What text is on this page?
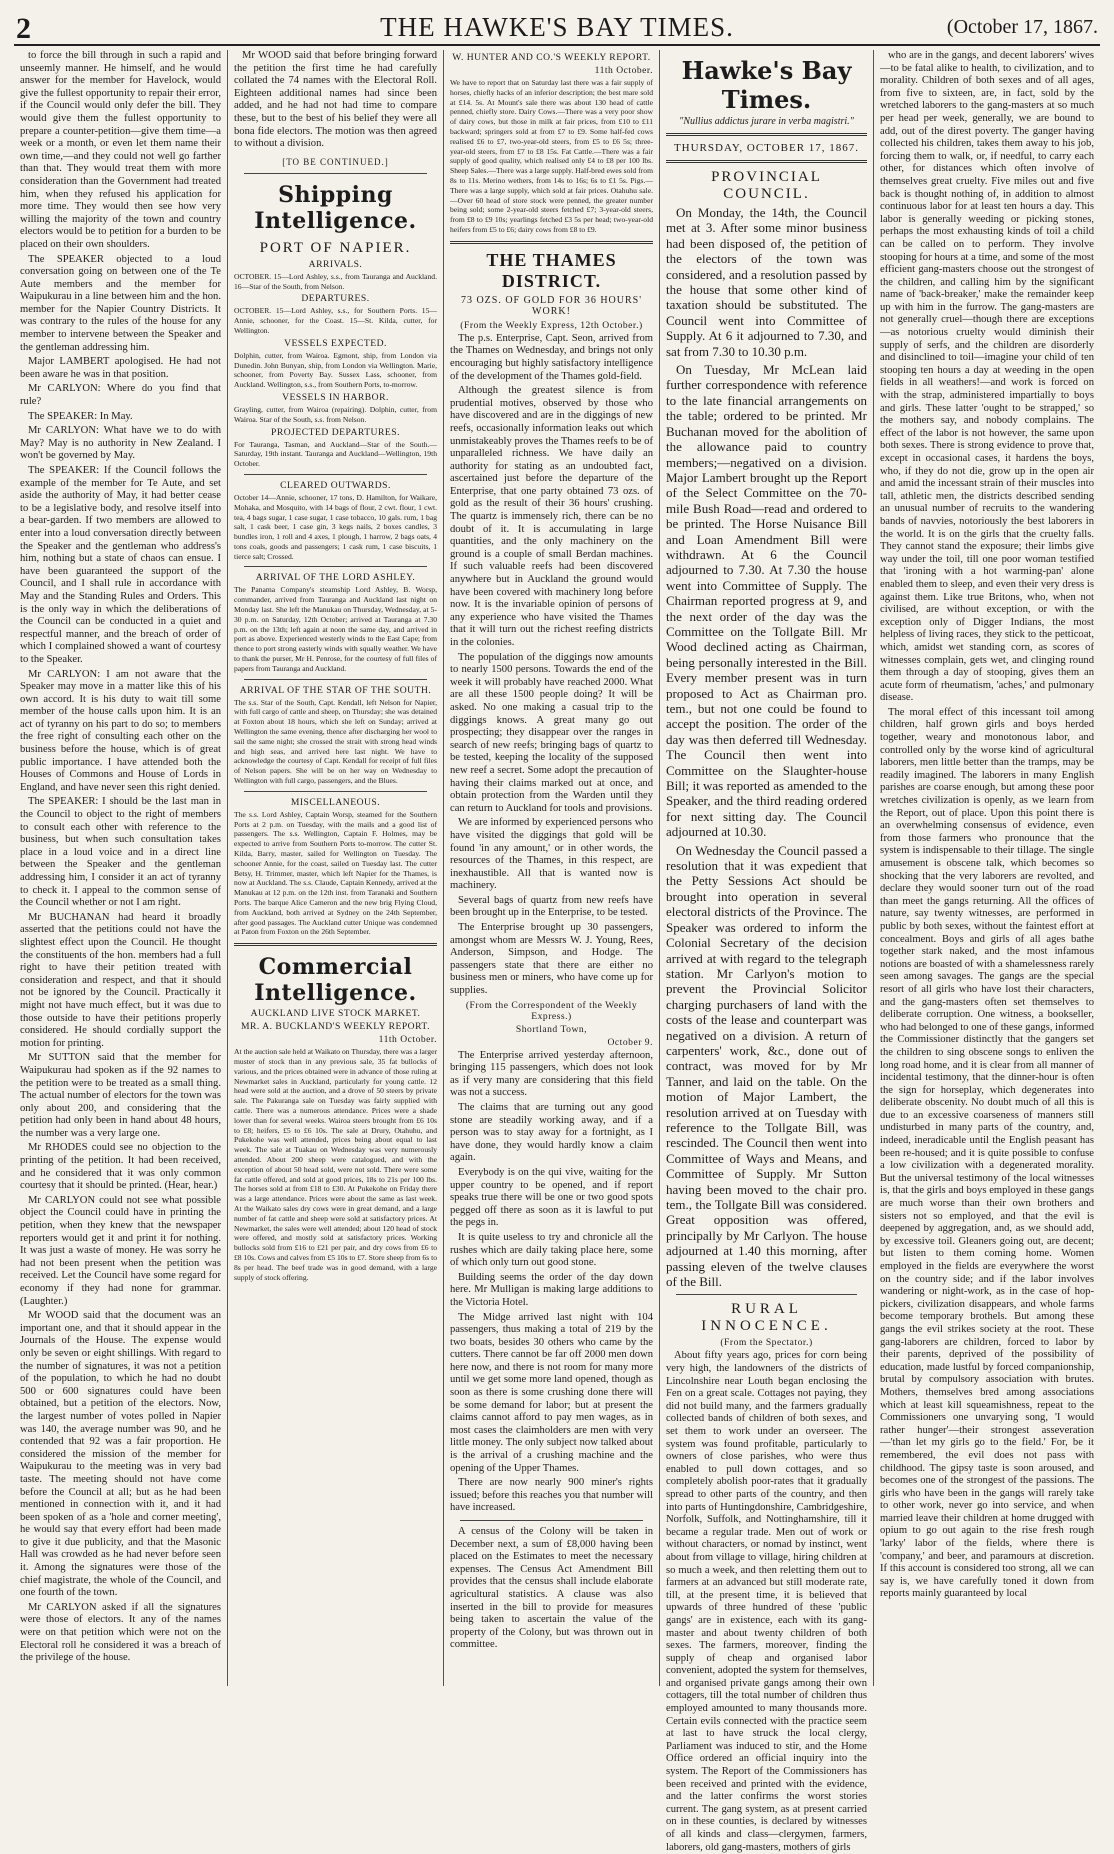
2	THE HAWKE'S BAY TIMES.	(October 17, 1867.

to force the bill through in such a rapid and unseemly manner. He himself, and he would answer for the member for Havelock, would give the fullest opportunity to repair their error, if the Council would only defer the bill. They would give them the fullest opportunity to prepare a counter-petition—give them time—a week or a month, or even let them name their own time,—and they could not well go farther than that. They would treat them with more consideration than the Government had treated him, when they refused his application for more time. They would then see how very willing the majority of the town and country electors would be to petition for a burden to be placed on their own shoulders.

The SPEAKER objected to a loud conversation going on between one of the Te Aute members and the member for Waipukurau in a line between him and the hon. member for the Napier Country Districts. It was contrary to the rules of the house for any member to intervene between the Speaker and the gentleman addressing him.

Major LAMBERT apologised. He had not been aware he was in that position.

Mr CARLYON: Where do you find that rule?

The SPEAKER: In May.

Mr CARLYON: What have we to do with May? May is no authority in New Zealand. I won't be governed by May.

The SPEAKER: If the Council follows the example of the member for Te Aute, and set aside the authority of May, it had better cease to be a legislative body, and resolve itself into a bear-garden. If two members are allowed to enter into a loud conversation directly between the Speaker and the gentleman who address's him, nothing but a state of chaos can ensue. I have been guaranteed the support of the Council, and I shall rule in accordance with May and the Standing Rules and Orders. This is the only way in which the deliberations of the Council can be conducted in a quiet and respectful manner, and the breach of order of which I complained showed a want of courtesy to the Speaker.

Mr CARLYON: I am not aware that the Speaker may move in a matter like this of his own accord. It is his duty to wait till some member of the house calls upon him. It is an act of tyranny on his part to do so; to members the free right of consulting each other on the business before the house, which is of great public importance. I have attended both the Houses of Commons and House of Lords in England, and have never seen this right denied.

The SPEAKER: I should be the last man in the Council to object to the right of members to consult each other with reference to the business, but when such consultation takes place in a loud voice and in a direct line between the Speaker and the gentleman addressing him, I consider it an act of tyranny to check it. I appeal to the common sense of the Council whether or not I am right.

Mr BUCHANAN had heard it broadly asserted that the petitions could not have the slightest effect upon the Council. He thought the constituents of the hon. members had a full right to have their petition treated with consideration and respect, and that it should not be ignored by the Council. Practically it might not have much effect, but it was due to those outside to have their petitions properly considered. He should cordially support the motion for printing.

Mr SUTTON said that the member for Waipukurau had spoken as if the 92 names to the petition were to be treated as a small thing. The actual number of electors for the town was only about 200, and considering that the petition had only been in hand about 48 hours, the number was a very large one.

Mr RHODES could see no objection to the printing of the petition. It had been received, and he considered that it was only common courtesy that it should be printed. (Hear, hear.)

Mr CARLYON could not see what possible object the Council could have in printing the petition, when they knew that the newspaper reporters would get it and print it for nothing. It was just a waste of money. He was sorry he had not been present when the petition was received. Let the Council have some regard for economy if they had none for grammar. (Laughter.)

Mr WOOD said that the document was an important one, and that it should appear in the Journals of the House. The expense would only be seven or eight shillings. With regard to the number of signatures, it was not a petition of the population, to which he had no doubt 500 or 600 signatures could have been obtained, but a petition of the electors. Now, the largest number of votes polled in Napier was 140, the average number was 90, and he contended that 92 was a fair proportion. He considered the mission of the member for Waipukurau to the meeting was in very bad taste. The meeting should not have come before the Council at all; but as he had been mentioned in connection with it, and it had been spoken of as a 'hole and corner meeting', he would say that every effort had been made to give it due publicity, and that the Masonic Hall was crowded as he had never before seen it. Among the signatures were those of the chief magistrate, the whole of the Council, and one fourth of the town.

Mr CARLYON asked if all the signatures were those of electors. It any of the names were on that petition which were not on the Electoral roll he considered it was a breach of the privilege of the house.

Mr WOOD said that before bringing forward the petition the first time he had carefully collated the 74 names with the Electoral Roll. Eighteen additional names had since been added, and he had not had time to compare these, but to the best of his belief they were all bona fide electors. The motion was then agreed to without a division.

[TO BE CONTINUED.]
Shipping Intelligence.
PORT OF NAPIER.
ARRIVALS.

OCTOBER. 15—Lord Ashley, s.s., from Tauranga and Auckland. 16—Star of the South, from Nelson.

DEPARTURES.

OCTOBER. 15—Lord Ashley, s.s., for Southern Ports. 15—Annie, schooner, for the Coast. 15—St. Kilda, cutter, for Wellington.

VESSELS EXPECTED.

Dolphin, cutter, from Wairoa. Egmont, ship, from London via Dunedin. John Bunyan, ship, from London via Wellington. Marie, schooner, from Poverty Bay. Sussex Lass, schooner, from Auckland. Wellington, s.s., from Southern Ports, to-morrow.

VESSELS IN HARBOR.

Grayling, cutter, from Wairoa (repairing). Dolphin, cutter, from Wairoa. Star of the South, s.s. from Nelson.

PROJECTED DEPARTURES.

For Tauranga, Tasman, and Auckland—Star of the South.—Saturday, 19th instant. Tauranga and Auckland—Wellington, 19th October.

CLEARED OUTWARDS.

October 14—Annie, schooner, 17 tons, D. Hamilton, for Waikare, Mohaka, and Mosquito, with 14 bags of flour, 2 cwt. flour, 1 cwt. tea, 4 bags sugar, 1 case sugar, 1 case tobacco, 10 gals. rum, 1 bag salt, 1 cask beer, 1 case gin, 3 kegs nails, 2 boxes candles, 3 bundles iron, 1 roll and 4 axes, 1 plough, 1 harrow, 2 bags oats, 4 tons coals, goods and passengers; 1 cask rum, 1 case biscuits, 1 tierce salt; Crossed.

ARRIVAL OF THE LORD ASHLEY.

The Panama Company's steamship Lord Ashley, B. Worsp, commander, arrived from Tauranga and Auckland last night on Monday last. She left the Manukau on Thursday, Wednesday, at 5-30 p.m. on Saturday, 12th October; arrived at Tauranga at 7.30 p.m. on the 13th; left again at noon the same day, and arrived in port as above. Experienced westerly winds to the East Cape; from thence to port strong easterly winds with squally weather. We have to thank the purser, Mr H. Penrose, for the courtesy of full files of papers from Tauranga and Auckland.

ARRIVAL OF THE STAR OF THE SOUTH.

The s.s. Star of the South, Capt. Kendall, left Nelson for Napier, with full cargo of cattle and sheep, on Thursday; she was detained at Foxton about 18 hours, which she left on Sunday; arrived at Wellington the same evening, thence after discharging her wool to sail the same night; she crossed the strait with strong head winds and high seas, and arrived here last night. We have to acknowledge the courtesy of Capt. Kendall for receipt of full files of Nelson papers. She will be on her way on Wednesday to Wellington with full cargo, passengers, and the Blues.

MISCELLANEOUS.

The s.s. Lord Ashley, Captain Worsp, steamed for the Southern Ports at 2 p.m. on Tuesday, with the mails and a good list of passengers. The s.s. Wellington, Captain F. Holmes, may be expected to arrive from Southern Ports to-morrow. The cutter St. Kilda, Barry, master, sailed for Wellington on Tuesday. The schooner Annie, for the coast, sailed on Tuesday last. The cutter Betsy, H. Trimmer, master, which left Napier for the Thames, is now at Auckland. The s.s. Claude, Captain Kennedy, arrived at the Manukau at 12 p.m. on the 12th inst. from Taranaki and Southern Ports. The barque Alice Cameron and the new brig Flying Cloud, from Auckland, both arrived at Sydney on the 24th September, after good passages. The Auckland cutter Unique was condemned at Paton from Foxton on the 26th September.

Commercial Intelligence.
AUCKLAND LIVE STOCK MARKET.
MR. A. BUCKLAND'S WEEKLY REPORT.
11th October.

At the auction sale held at Waikato on Thursday, there was a larger muster of stock than in any previous sale, 35 fat bullocks of various, and the prices obtained were in advance of those ruling at Newmarket sales in Auckland, particularly for young cattle. 12 head were sold at the auction, and a drove of 50 steers by private sale. The Pakuranga sale on Tuesday was fairly supplied with cattle. There was a numerous attendance. Prices were a shade lower than for several weeks. Wairoa steers brought from £6 10s to £8; heifers, £5 to £6 10s. The sale at Drury, Otahuhu, and Pukekohe was well attended, prices being about equal to last week. The sale at Tuakau on Wednesday was very numerously attended. About 200 sheep were catalogued, and with the exception of about 50 head sold, were not sold. There were some fat cattle offered, and sold at good prices, 18s to 21s per 100 lbs. The horses sold at from £18 to £30. At Pukekohe on Friday there was a large attendance. Prices were about the same as last week. At the Waikato sales dry cows were in great demand, and a large number of fat cattle and sheep were sold at satisfactory prices. At Newmarket, the sales were well attended; about 120 head of stock were offered, and mostly sold at satisfactory prices. Working bullocks sold from £16 to £21 per pair, and dry cows from £6 to £8 10s. Cows and calves from £5 10s to £7. Store sheep from 6s to 8s per head. The beef trade was in good demand, with a large supply of stock offering.

W. HUNTER AND CO.'S WEEKLY REPORT.
11th October.

We have to report that on Saturday last there was a fair supply of horses, chiefly hacks of an inferior description; the best mare sold at £14. 5s. At Mount's sale there was about 130 head of cattle penned, chiefly store. Dairy Cows.—There was a very poor show of dairy cows, but those in milk at fair prices, from £10 to £11 backward; springers sold at from £7 to £9. Some half-fed cows realised £6 to £7, two-year-old steers, from £5 to £6 5s; three-year-old steers, from £7 to £8 15s. Fat Cattle.—There was a fair supply of good quality, which realised only £4 to £8 per 100 lbs. Sheep Sales.—There was a large supply. Half-bred ewes sold from 8s to 11s. Merino wethers, from 14s to 16s; 6s to £1 5s. Pigs.—There was a large supply, which sold at fair prices. Otahuhu sale.—Over 60 head of store stock were penned, the greater number being sold; some 2-year-old steers fetched £7; 3-year-old steers, from £8 to £9 10s; yearlings fetched £3 5s per head; two-year-old heifers from £5 to £6; dairy cows from £8 to £9.

THE THAMES DISTRICT.
73 OZS. OF GOLD FOR 36 HOURS' WORK!
(From the Weekly Express, 12th October.)

The p.s. Enterprise, Capt. Seon, arrived from the Thames on Wednesday, and brings not only encouraging but highly satisfactory intelligence of the development of the Thames gold-field.

Although the greatest silence is from prudential motives, observed by those who have discovered and are in the diggings of new reefs, occasionally information leaks out which unmistakeably proves the Thames reefs to be of unparalleled richness. We have daily an authority for stating as an undoubted fact, ascertained just before the departure of the Enterprise, that one party obtained 73 ozs. of gold as the result of their 36 hours' crushing. The quartz is immensely rich, there can be no doubt of it. It is accumulating in large quantities, and the only machinery on the ground is a couple of small Berdan machines. If such valuable reefs had been discovered anywhere but in Auckland the ground would have been covered with machinery long before now. It is the invariable opinion of persons of any experience who have visited the Thames that it will turn out the richest reefing districts in the colonies.

The population of the diggings now amounts to nearly 1500 persons. Towards the end of the week it will probably have reached 2000. What are all these 1500 people doing? It will be asked. No one making a casual trip to the diggings knows. A great many go out prospecting; they disappear over the ranges in search of new reefs; bringing bags of quartz to be tested, keeping the locality of the supposed new reef a secret. Some adopt the precaution of having their claims marked out at once, and obtain protection from the Warden until they can return to Auckland for tools and provisions.

We are informed by experienced persons who have visited the diggings that gold will be found 'in any amount,' or in other words, the resources of the Thames, in this respect, are inexhaustible. All that is wanted now is machinery.

Several bags of quartz from new reefs have been brought up in the Enterprise, to be tested.

The Enterprise brought up 30 passengers, amongst whom are Messrs W. J. Young, Rees, Anderson, Simpson, and Hodge. The passengers state that there are either no business men or miners, who have come up for supplies.

(From the Correspondent of the Weekly Express.)
Shortland Town,
October 9.

The Enterprise arrived yesterday afternoon, bringing 115 passengers, which does not look as if very many are considering that this field was not a success.

The claims that are turning out any good stone are steadily working away, and if a person was to stay away for a fortnight, as I have done, they would hardly know a claim again.

Everybody is on the qui vive, waiting for the upper country to be opened, and if report speaks true there will be one or two good spots pegged off there as soon as it is lawful to put the pegs in.

It is quite useless to try and chronicle all the rushes which are daily taking place here, some of which only turn out good stone.

Building seems the order of the day down here. Mr Mulligan is making large additions to the Victoria Hotel.

The Midge arrived last night with 104 passengers, thus making a total of 219 by the two boats, besides 30 others who came by the cutters. There cannot be far off 2000 men down here now, and there is not room for many more until we get some more land opened, though as soon as there is some crushing done there will be some demand for labor; but at present the claims cannot afford to pay men wages, as in most cases the claimholders are men with very little money. The only subject now talked about is the arrival of a crushing machine and the opening of the Upper Thames.

There are now nearly 900 miner's rights issued; before this reaches you that number will have increased.

A census of the Colony will be taken in December next, a sum of £8,000 having been placed on the Estimates to meet the necessary expenses. The Census Act Amendment Bill provides that the census shall include elaborate agricultural statistics. A clause was also inserted in the bill to provide for measures being taken to ascertain the value of the property of the Colony, but was thrown out in committee.

Hawke's Bay Times.
"Nullius addictus jurare in verba magistri."
THURSDAY, OCTOBER 17, 1867.
PROVINCIAL COUNCIL.

On Monday, the 14th, the Council met at 3. After some minor business had been disposed of, the petition of the electors of the town was considered, and a resolution passed by the house that some other kind of taxation should be substituted. The Council went into Committee of Supply. At 6 it adjourned to 7.30, and sat from 7.30 to 10.30 p.m.

On Tuesday, Mr McLean laid further correspondence with reference to the late financial arrangements on the table; ordered to be printed. Mr Buchanan moved for the abolition of the allowance paid to country members;—negatived on a division. Major Lambert brought up the Report of the Select Committee on the 70-mile Bush Road—read and ordered to be printed. The Horse Nuisance Bill and Loan Amendment Bill were withdrawn. At 6 the Council adjourned to 7.30. At 7.30 the house went into Committee of Supply. The Chairman reported progress at 9, and the next order of the day was the Committee on the Tollgate Bill. Mr Wood declined acting as Chairman, being personally interested in the Bill. Every member present was in turn proposed to Act as Chairman pro. tem., but not one could be found to accept the position. The order of the day was then deferred till Wednesday. The Council then went into Committee on the Slaughter-house Bill; it was reported as amended to the Speaker, and the third reading ordered for next sitting day. The Council adjourned at 10.30.

On Wednesday the Council passed a resolution that it was expedient that the Petty Sessions Act should be brought into operation in several electoral districts of the Province. The Speaker was ordered to inform the Colonial Secretary of the decision arrived at with regard to the telegraph station. Mr Carlyon's motion to prevent the Provincial Solicitor charging purchasers of land with the costs of the lease and counterpart was negatived on a division. A return of carpenters' work, &c., done out of contract, was moved for by Mr Tanner, and laid on the table. On the motion of Major Lambert, the resolution arrived at on Tuesday with reference to the Tollgate Bill, was rescinded. The Council then went into Committee of Ways and Means, and Committee of Supply. Mr Sutton having been moved to the chair pro. tem., the Tollgate Bill was considered. Great opposition was offered, principally by Mr Carlyon. The house adjourned at 1.40 this morning, after passing eleven of the twelve clauses of the Bill.

RURAL INNOCENCE.
(From the Spectator.)

About fifty years ago, prices for corn being very high, the landowners of the districts of Lincolnshire near Louth began enclosing the Fen on a great scale. Cottages not paying, they did not build many, and the farmers gradually collected bands of children of both sexes, and set them to work under an overseer. The system was found profitable, particularly to owners of close parishes, who were thus enabled to pull down cottages, and so completely abolish poor-rates that it gradually spread to other parts of the country, and then into parts of Huntingdonshire, Cambridgeshire, Norfolk, Suffolk, and Nottinghamshire, till it became a regular trade. Men out of work or without characters, or nomad by instinct, went about from village to village, hiring children at so much a week, and then reletting them out to farmers at an advanced but still moderate rate, till, at the present time, it is believed that upwards of three hundred of these 'public gangs' are in existence, each with its gang-master and about twenty children of both sexes. The farmers, moreover, finding the supply of cheap and organised labor convenient, adopted the system for themselves, and organised private gangs among their own cottagers, till the total number of children thus employed amounted to many thousands more. Certain evils connected with the practice seem at last to have struck the local clergy, Parliament was induced to stir, and the Home Office ordered an official inquiry into the system. The Report of the Commissioners has been received and printed with the evidence, and the latter confirms the worst stories current. The gang system, as at present carried on in these counties, is declared by witnesses of all kinds and class—clergymen, farmers, laborers, old gang-masters, mothers of girls

who are in the gangs, and decent laborers' wives—to be fatal alike to health, to civilization, and to morality. Children of both sexes and of all ages, from five to sixteen, are, in fact, sold by the wretched laborers to the gang-masters at so much per head per week, generally, we are bound to add, out of the direst poverty. The ganger having collected his children, takes them away to his job, forcing them to walk, or, if needful, to carry each other, for distances which often involve of themselves great cruelty. Five miles out and five back is thought nothing of, in addition to almost continuous labor for at least ten hours a day. This labor is generally weeding or picking stones, perhaps the most exhausting kinds of toil a child can be called on to perform. They involve stooping for hours at a time, and some of the most efficient gang-masters choose out the strongest of the children, and calling him by the significant name of 'back-breaker,' make the remainder keep up with him in the furrow. The gang-masters are not generally cruel—though there are exceptions—as notorious cruelty would diminish their supply of serfs, and the children are disorderly and disinclined to toil—imagine your child of ten stooping ten hours a day at weeding in the open fields in all weathers!—and work is forced on with the strap, administered impartially to boys and girls. These latter 'ought to be strapped,' so the mothers say, and nobody complains. The effect of the labor is not however, the same upon both sexes. There is strong evidence to prove that, except in occasional cases, it hardens the boys, who, if they do not die, grow up in the open air and amid the incessant strain of their muscles into tall, athletic men, the districts described sending an unusual number of recruits to the wandering bands of navvies, notoriously the best laborers in the world. It is on the girls that the cruelty falls. They cannot stand the exposure; their limbs give way under the toil, till one poor woman testified that 'ironing with a hot warming-pan' alone enabled them to sleep, and even their very dress is against them. Like true Britons, who, when not civilised, are without exception, or with the exception only of Digger Indians, the most helpless of living races, they stick to the petticoat, which, amidst wet standing corn, as scores of witnesses complain, gets wet, and clinging round them through a day of stooping, gives them an acute form of rheumatism, 'aches,' and pulmonary disease.

The moral effect of this incessant toil among children, half grown girls and boys herded together, weary and monotonous labor, and controlled only by the worse kind of agricultural laborers, men little better than the tramps, may be readily imagined. The laborers in many English parishes are coarse enough, but among these poor wretches civilization is openly, as we learn from the Report, out of place. Upon this point there is an overwhelming consensus of evidence, even from those farmers who pronounce that the system is indispensable to their tillage. The single amusement is obscene talk, which becomes so shocking that the very laborers are revolted, and declare they would sooner turn out of the road than meet the gangs returning. All the offices of nature, say twenty witnesses, are performed in public by both sexes, without the faintest effort at concealment. Boys and girls of all ages bathe together stark naked, and the most infamous notions are boasted of with a shamelessness rarely seen among savages. The gangs are the special resort of all girls who have lost their characters, and the gang-masters often set themselves to deliberate corruption. One witness, a bookseller, who had belonged to one of these gangs, informed the Commissioner distinctly that the gangers set the children to sing obscene songs to enliven the long road home, and it is clear from all manner of incidental testimony, that the dinner-hour is often the sign for horseplay, which degenerates into deliberate obscenity. No doubt much of all this is due to an excessive coarseness of manners still undisturbed in many parts of the country, and, indeed, ineradicable until the English peasant has been re-housed; and it is quite possible to confuse a low civilization with a degenerated morality. But the universal testimony of the local witnesses is, that the girls and boys employed in these gangs are much worse than their own brothers and sisters not so employed, and that the evil is deepened by aggregation, and, as we should add, by excessive toil. Gleaners going out, are decent; but listen to them coming home. Women employed in the fields are everywhere the worst on the country side; and if the labor involves wandering or night-work, as in the case of hop-pickers, civilization disappears, and whole farms become temporary brothels. But among these gangs the evil strikes society at the root. These gang-laborers are children, forced to labor by their parents, deprived of the possibility of education, made lustful by forced companionship, brutal by compulsory association with brutes. Mothers, themselves bred among associations which at least kill squeamishness, repeat to the Commissioners one unvarying song, 'I would rather hunger'—their strongest asseveration—'than let my girls go to the field.' For, be it remembered, the evil does not pass with childhood. The gipsy taste is soon aroused, and becomes one of the strongest of the passions. The girls who have been in the gangs will rarely take to other work, never go into service, and when married leave their children at home drugged with opium to go out again to the rise fresh rough 'larky' labor of the fields, where there is 'company,' and beer, and paramours at discretion. If this account is considered too strong, all we can say is, we have carefully toned it down from reports mainly guaranteed by local
